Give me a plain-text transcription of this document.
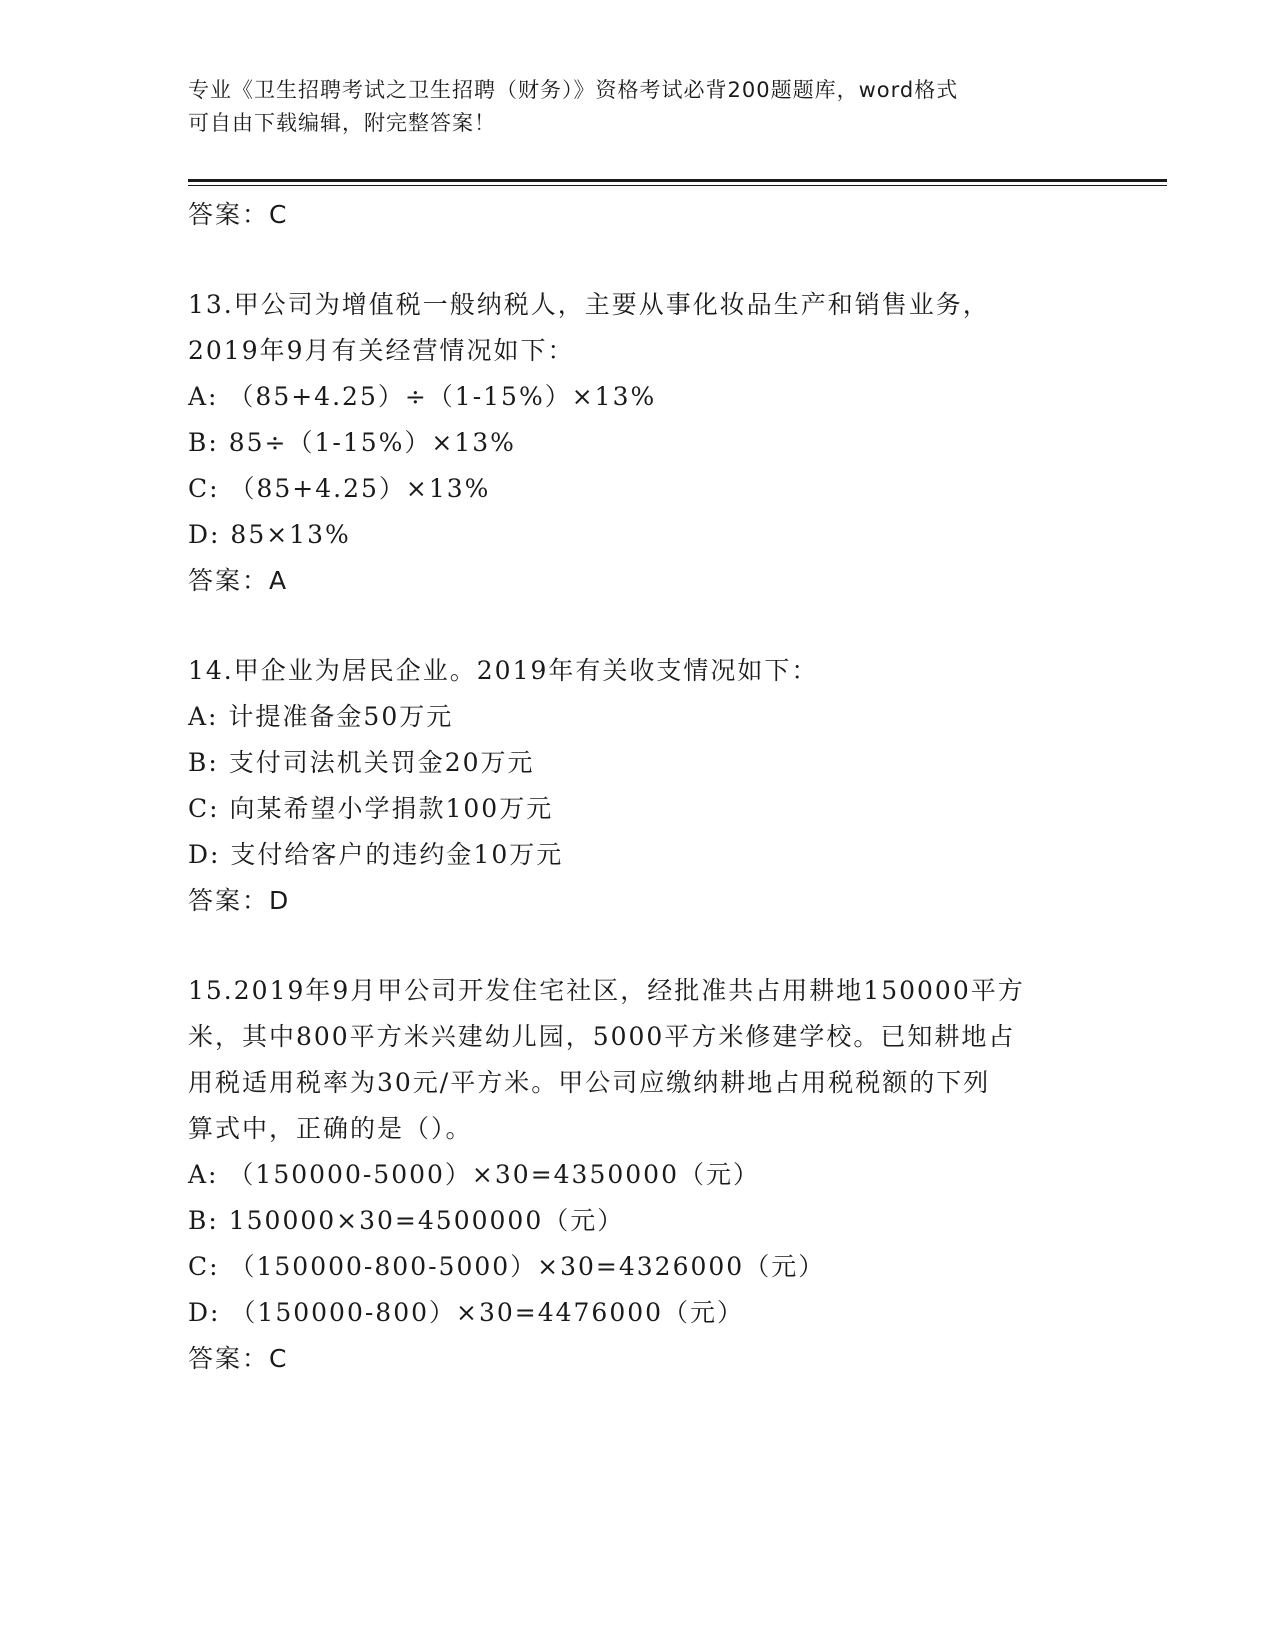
专业《卫生招聘考试之卫生招聘（财务）》资格考试必背200题题库，word格式
可自由下载编辑，附完整答案！
答案：C
13.甲公司为增值税一般纳税人，主要从事化妆品生产和销售业务，
2019年9月有关经营情况如下：
A: （85+4.25）÷（1-15%）×13%
B: 85÷（1-15%）×13%
C: （85+4.25）×13%
D: 85×13%
答案：A
14.甲企业为居民企业。2019年有关收支情况如下：
A: 计提准备金50万元
B: 支付司法机关罚金20万元
C: 向某希望小学捐款100万元
D: 支付给客户的违约金10万元
答案：D
15.2019年9月甲公司开发住宅社区，经批准共占用耕地150000平方
米，其中800平方米兴建幼儿园，5000平方米修建学校。已知耕地占
用税适用税率为30元/平方米。甲公司应缴纳耕地占用税税额的下列
算式中，正确的是（）。
A: （150000-5000）×30=4350000（元）
B: 150000×30=4500000（元）
C: （150000-800-5000）×30=4326000（元）
D: （150000-800）×30=4476000（元）
答案：C
